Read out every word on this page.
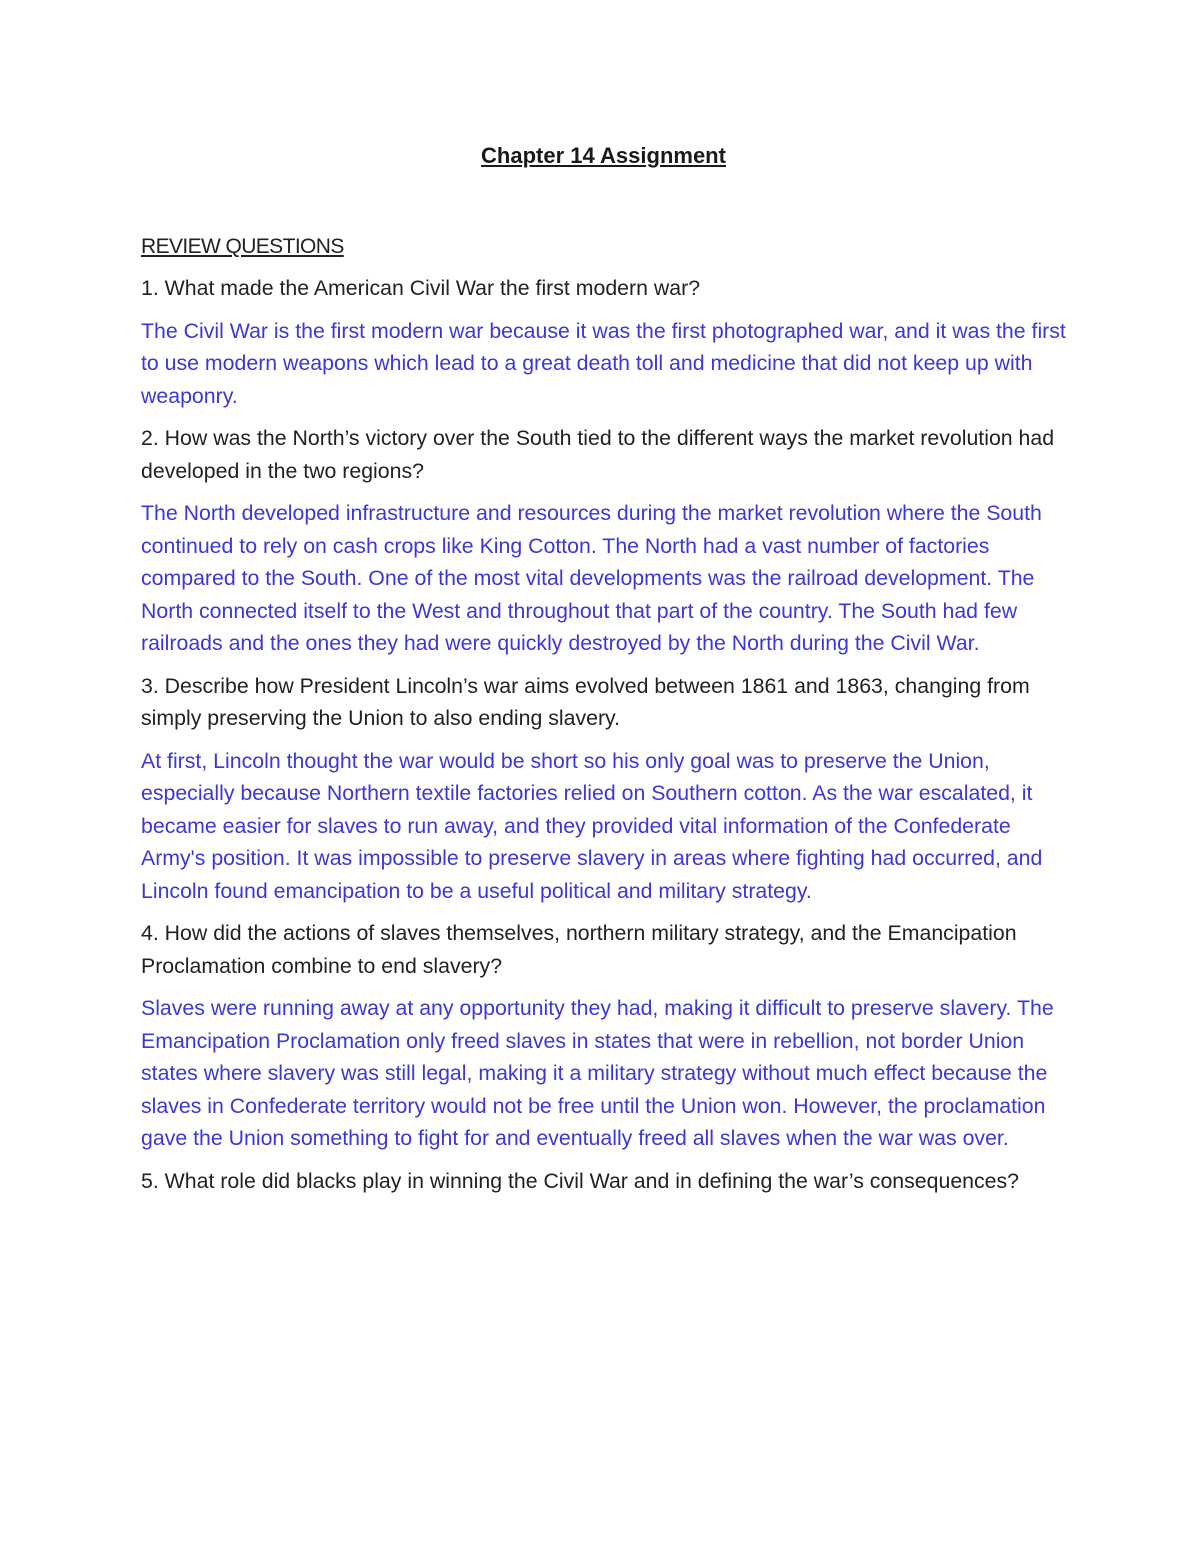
Chapter 14 Assignment
REVIEW QUESTIONS

1. What made the American Civil War the first modern war?

The Civil War is the first modern war because it was the first photographed war, and it was the first to use modern weapons which lead to a great death toll and medicine that did not keep up with weaponry.

2. How was the North’s victory over the South tied to the different ways the market revolution had developed in the two regions?

The North developed infrastructure and resources during the market revolution where the South continued to rely on cash crops like King Cotton. The North had a vast number of factories compared to the South. One of the most vital developments was the railroad development. The North connected itself to the West and throughout that part of the country. The South had few railroads and the ones they had were quickly destroyed by the North during the Civil War.

3. Describe how President Lincoln’s war aims evolved between 1861 and 1863, changing from simply preserving the Union to also ending slavery.

At first, Lincoln thought the war would be short so his only goal was to preserve the Union, especially because Northern textile factories relied on Southern cotton. As the war escalated, it became easier for slaves to run away, and they provided vital information of the Confederate Army's position. It was impossible to preserve slavery in areas where fighting had occurred, and Lincoln found emancipation to be a useful political and military strategy.

4. How did the actions of slaves themselves, northern military strategy, and the Emancipation Proclamation combine to end slavery?

Slaves were running away at any opportunity they had, making it difficult to preserve slavery. The Emancipation Proclamation only freed slaves in states that were in rebellion, not border Union states where slavery was still legal, making it a military strategy without much effect because the slaves in Confederate territory would not be free until the Union won. However, the proclamation gave the Union something to fight for and eventually freed all slaves when the war was over.

5. What role did blacks play in winning the Civil War and in defining the war’s consequences?
